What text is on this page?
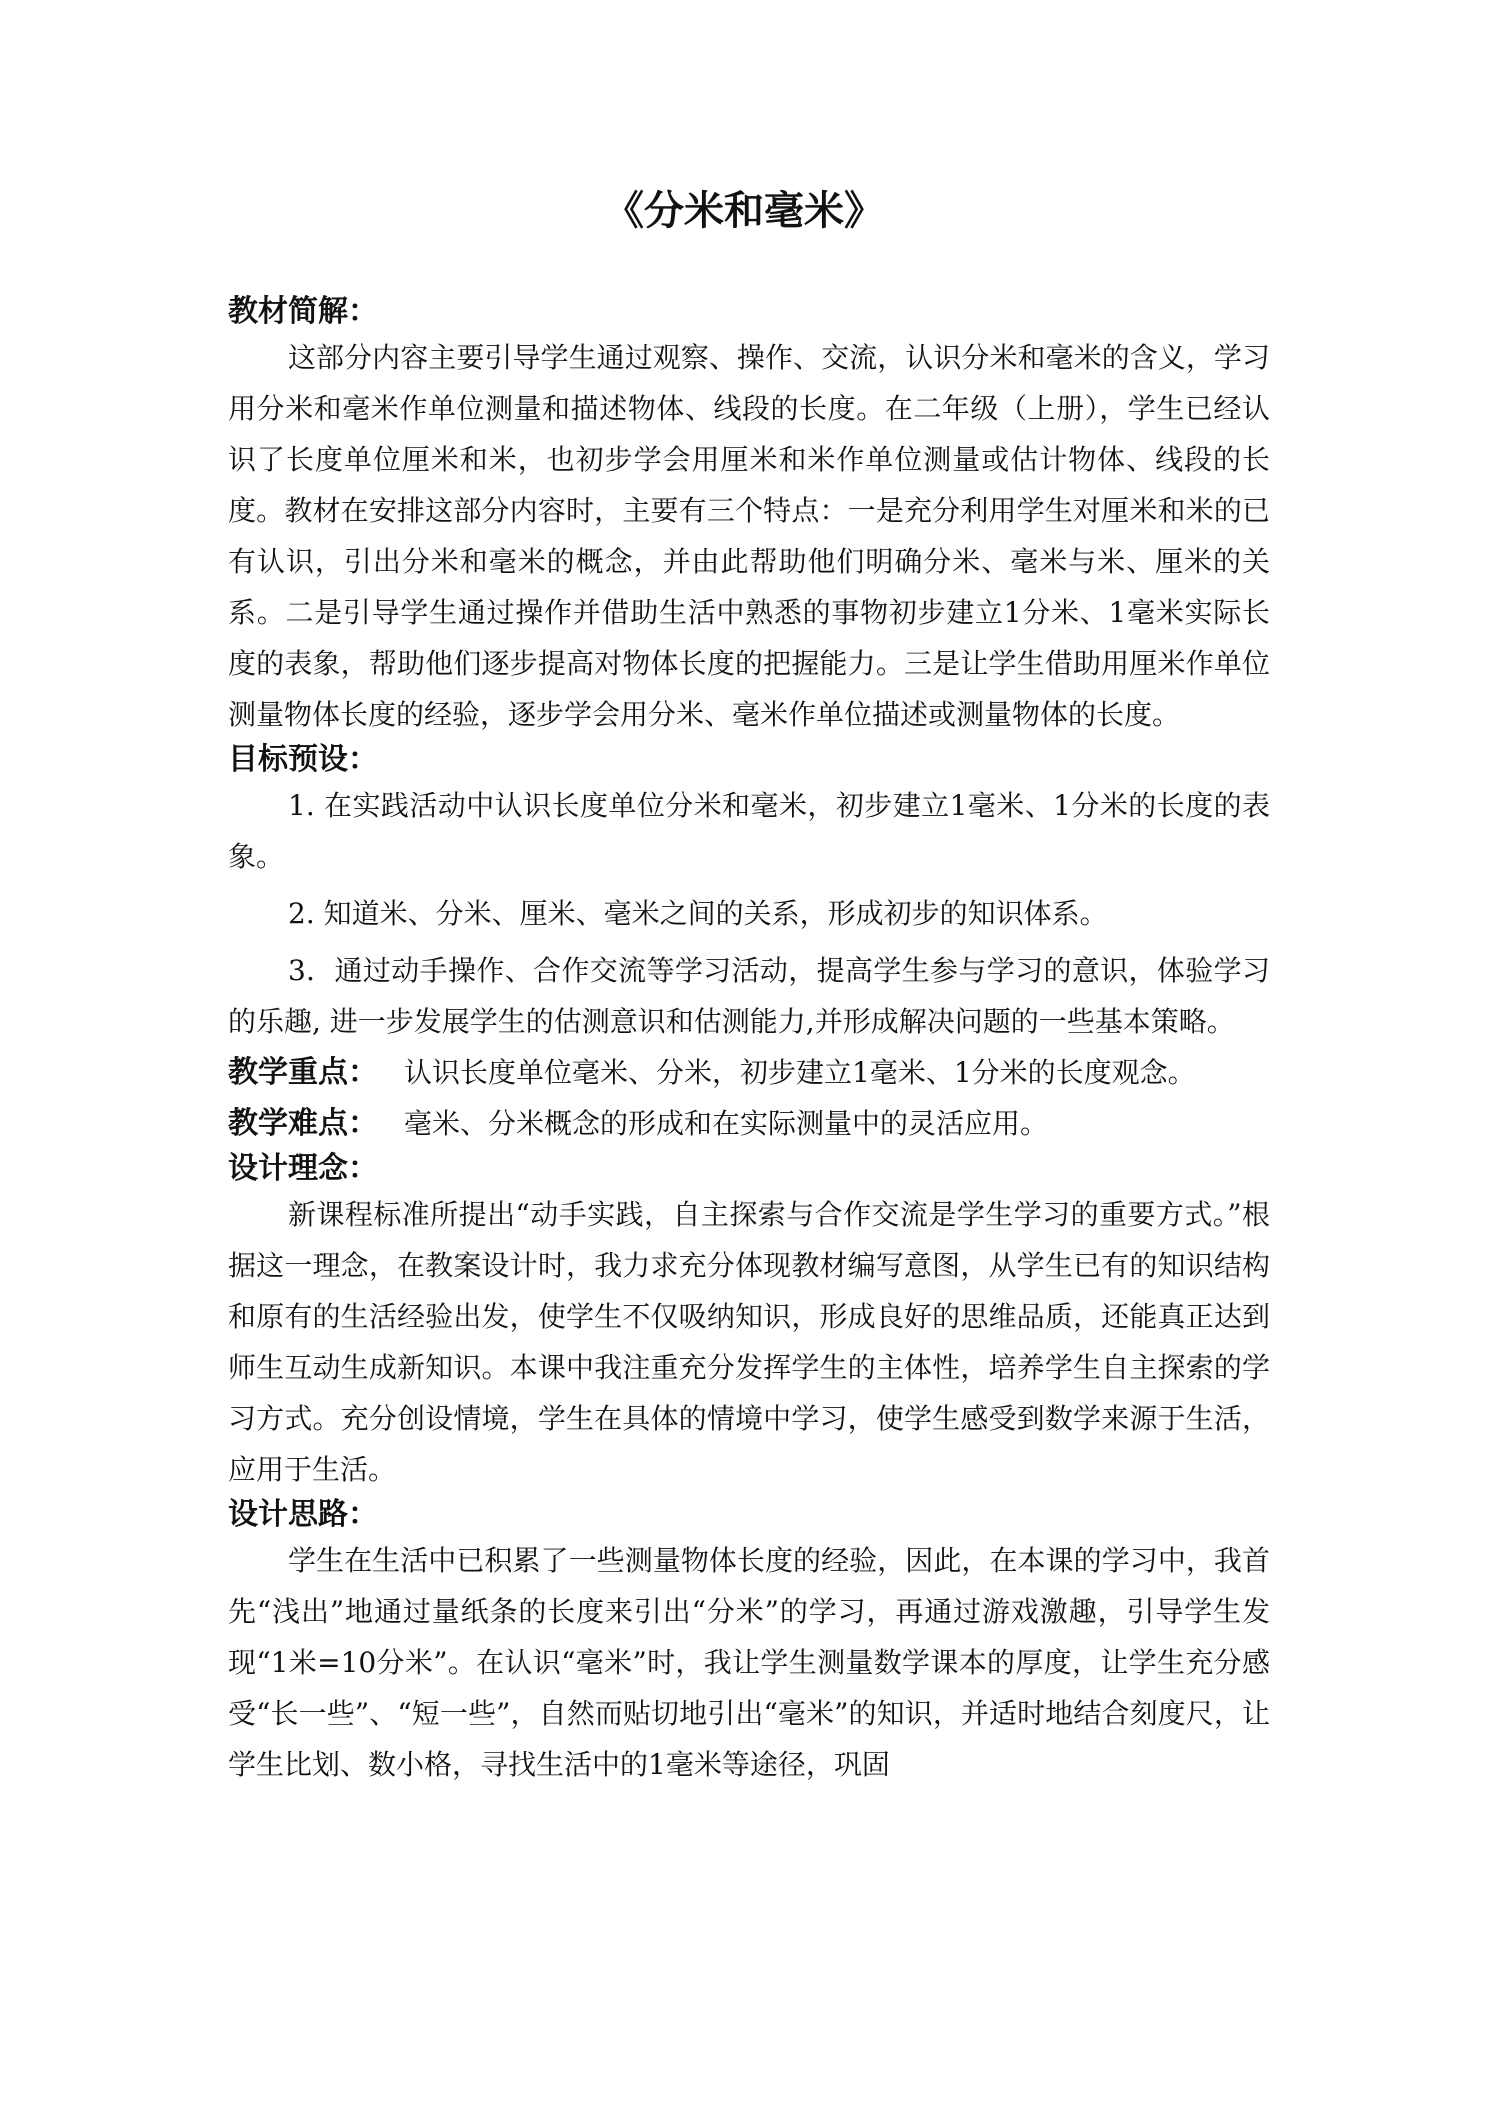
《分米和毫米》
教材简解：

这部分内容主要引导学生通过观察、操作、交流，认识分米和毫米的含义，学习用分米和毫米作单位测量和描述物体、线段的长度。在二年级（上册），学生已经认识了长度单位厘米和米，也初步学会用厘米和米作单位测量或估计物体、线段的长度。教材在安排这部分内容时，主要有三个特点：一是充分利用学生对厘米和米的已有认识，引出分米和毫米的概念，并由此帮助他们明确分米、毫米与米、厘米的关系。二是引导学生通过操作并借助生活中熟悉的事物初步建立1分米、1毫米实际长度的表象，帮助他们逐步提高对物体长度的把握能力。三是让学生借助用厘米作单位测量物体长度的经验，逐步学会用分米、毫米作单位描述或测量物体的长度。

目标预设：

1. 在实践活动中认识长度单位分米和毫米，初步建立1毫米、1分米的长度的表象。

2. 知道米、分米、厘米、毫米之间的关系，形成初步的知识体系。

3．通过动手操作、合作交流等学习活动，提高学生参与学习的意识，体验学习的乐趣, 进一步发展学生的估测意识和估测能力,并形成解决问题的一些基本策略。

教学重点： 认识长度单位毫米、分米，初步建立1毫米、1分米的长度观念。
教学难点： 毫米、分米概念的形成和在实际测量中的灵活应用。
设计理念：

新课程标准所提出“动手实践，自主探索与合作交流是学生学习的重要方式。”根据这一理念，在教案设计时，我力求充分体现教材编写意图，从学生已有的知识结构和原有的生活经验出发，使学生不仅吸纳知识，形成良好的思维品质，还能真正达到师生互动生成新知识。本课中我注重充分发挥学生的主体性，培养学生自主探索的学习方式。充分创设情境，学生在具体的情境中学习，使学生感受到数学来源于生活，应用于生活。

设计思路：

学生在生活中已积累了一些测量物体长度的经验，因此，在本课的学习中，我首先“浅出”地通过量纸条的长度来引出“分米”的学习，再通过游戏激趣，引导学生发现“1米=10分米”。在认识“毫米”时，我让学生测量数学课本的厚度，让学生充分感受“长一些”、“短一些”，自然而贴切地引出“毫米”的知识，并适时地结合刻度尺，让学生比划、数小格，寻找生活中的1毫米等途径，巩固
